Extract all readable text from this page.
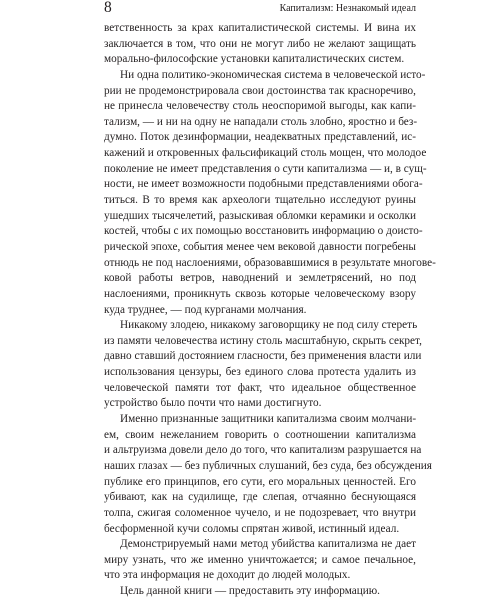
8	Капитализм: Незнакомый идеал
ветственность за крах капиталистической системы. И вина их
заключается в том, что они не могут либо не желают защищать
морально-философские установки капиталистических систем.
Ни одна политико-экономическая система в человеческой исто-
рии не продемонстрировала свои достоинства так красноречиво,
не принесла человечеству столь неоспоримой выгоды, как капи-
тализм, — и ни на одну не нападали столь злобно, яростно и без-
думно. Поток дезинформации, неадекватных представлений, ис-
кажений и откровенных фальсификаций столь мощен, что молодое
поколение не имеет представления о сути капитализма — и, в сущ-
ности, не имеет возможности подобными представлениями обога-
титься. В то время как археологи тщательно исследуют руины
ушедших тысячелетий, разыскивая обломки керамики и осколки
костей, чтобы с их помощью восстановить информацию о доисто-
рической эпохе, события менее чем вековой давности погребены
отнюдь не под наслоениями, образовавшимися в результате многове-
ковой работы ветров, наводнений и землетрясений, но под
наслоениями, проникнуть сквозь которые человеческому взору
куда труднее, — под курганами молчания.
Никакому злодею, никакому заговорщику не под силу стереть
из памяти человечества истину столь масштабную, скрыть секрет,
давно ставший достоянием гласности, без применения власти или
использования цензуры, без единого слова протеста удалить из
человеческой памяти тот факт, что идеальное общественное
устройство было почти что нами достигнуто.
Именно признанные защитники капитализма своим молчани-
ем, своим нежеланием говорить о соотношении капитализма
и альтруизма довели дело до того, что капитализм разрушается на
наших глазах — без публичных слушаний, без суда, без обсуждения
публике его принципов, его сути, его моральных ценностей. Его
убивают, как на судилище, где слепая, отчаянно беснующаяся
толпа, сжигая соломенное чучело, и не подозревает, что внутри
бесформенной кучи соломы спрятан живой, истинный идеал.
Демонстрируемый нами метод убийства капитализма не дает
миру узнать, что же именно уничтожается; и самое печальное,
что эта информация не доходит до людей молодых.
Цель данной книги — предоставить эту информацию.
